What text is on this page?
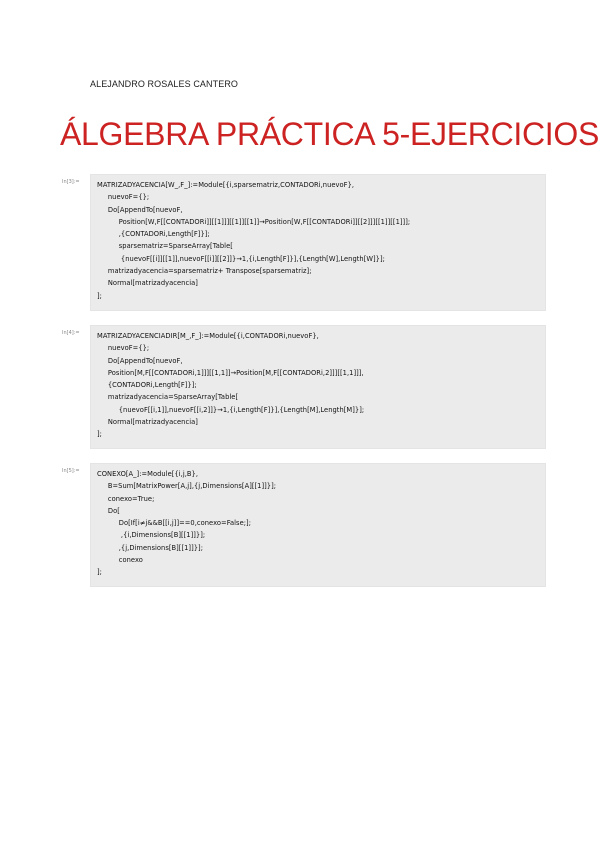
ALEJANDRO ROSALES CANTERO
ÁLGEBRA PRÁCTICA 5-EJERCICIOS
In[3]:=	MATRIZADYACENCIA[W_,F_]:=Module[{i,sparsematriz,CONTADORi,nuevoF},
nuevoF={};
Do[AppendTo[nuevoF,
Position[W,F[[CONTADORi]][[1]]][[1]][[1]]→Position[W,F[[CONTADORi]][[2]]][[1]][[1]]];
,{CONTADORi,Length[F]}];
sparsematriz=SparseArray[Table[
{nuevoF[[i]][[1]],nuevoF[[i]][[2]]}→1,{i,Length[F]}],{Length[W],Length[W]}];
matrizadyacencia=sparsematriz+ Transpose[sparsematriz];
Normal[matrizadyacencia]
];
In[4]:=	MATRIZADYACENCIADIR[M_,F_]:=Module[{i,CONTADORi,nuevoF},
nuevoF={};
Do[AppendTo[nuevoF,
Position[M,F[[CONTADORi,1]]][[1,1]]→Position[M,F[[CONTADORi,2]]][[1,1]]],
{CONTADORi,Length[F]}];
matrizadyacencia=SparseArray[Table[
{nuevoF[[i,1]],nuevoF[[i,2]]}→1,{i,Length[F]}],{Length[M],Length[M]}];
Normal[matrizadyacencia]
];
In[5]:=	CONEXO[A_]:=Module[{i,j,B},
B=Sum[MatrixPower[A,j],{j,Dimensions[A][[1]]}];
conexo=True;
Do[
Do[If[i≠j&&B[[i,j]]==0,conexo=False;];
,{i,Dimensions[B][[1]]}];
,{j,Dimensions[B][[1]]}];
conexo
];
